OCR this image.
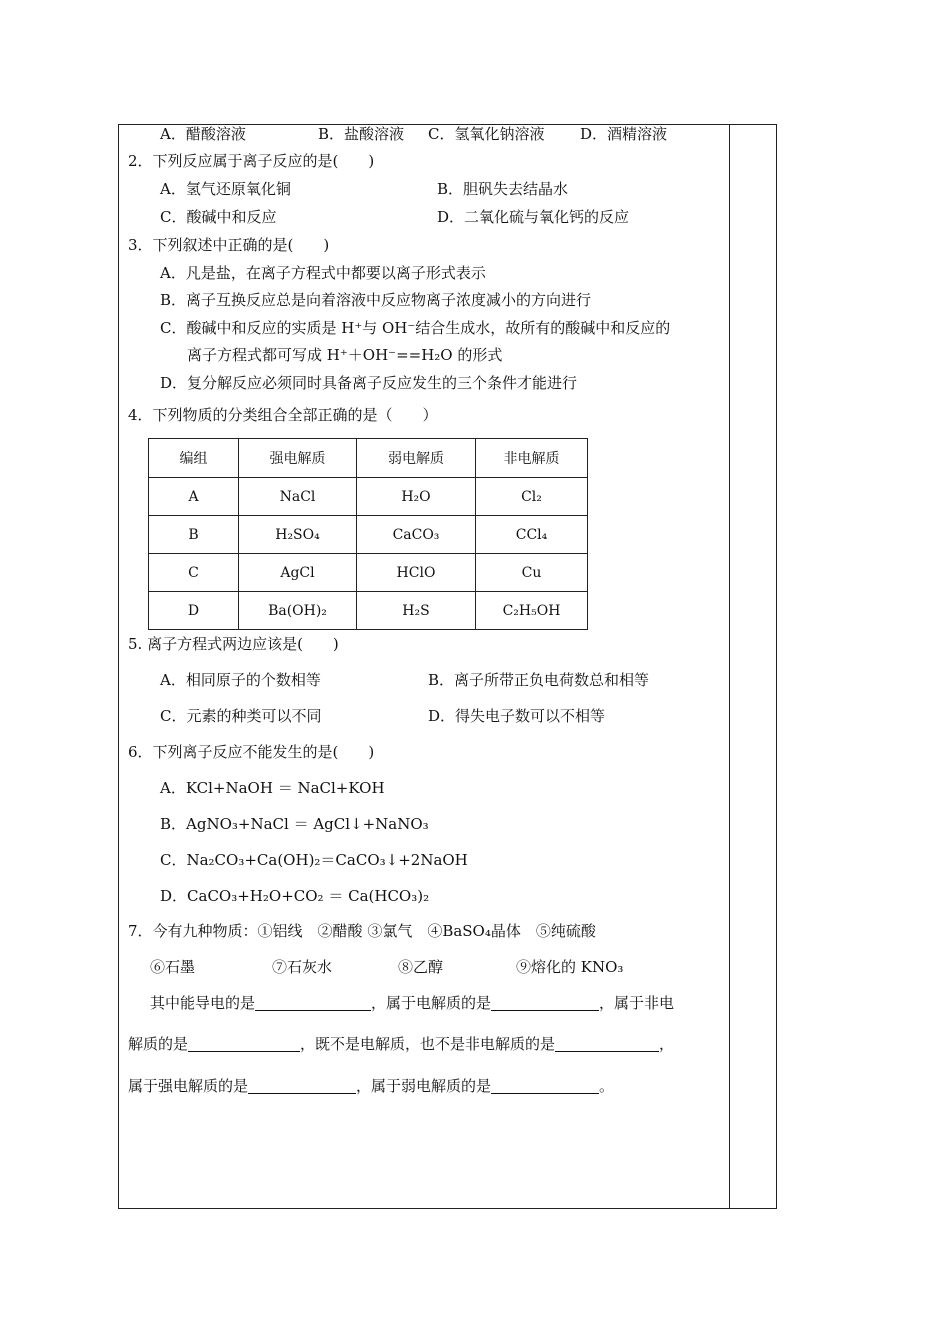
A．醋酸溶液	B．盐酸溶液 C．氢氧化钠溶液 D．酒精溶液
2．下列反应属于离子反应的是(　　)
A．氢气还原氧化铜	B．胆矾失去结晶水
C．酸碱中和反应	D．二氧化硫与氧化钙的反应
3．下列叙述中正确的是(　　)
A．凡是盐，在离子方程式中都要以离子形式表示
B．离子互换反应总是向着溶液中反应物离子浓度减小的方向进行
C．酸碱中和反应的实质是 H⁺与 OH⁻结合生成水，故所有的酸碱中和反应的
离子方程式都可写成 H⁺＋OH⁻==H₂O 的形式
D．复分解反应必须同时具备离子反应发生的三个条件才能进行
4．下列物质的分类组合全部正确的是（　　）
编组	强电解质	弱电解质	非电解质
A	NaCl	H₂O	Cl₂
B	H₂SO₄	CaCO₃	CCl₄
C	AgCl	HClO	Cu
D	Ba(OH)₂	H₂S	C₂H₅OH
5. 离子方程式两边应该是(　　)
A．相同原子的个数相等	B．离子所带正负电荷数总和相等
C．元素的种类可以不同	D．得失电子数可以不相等
6．下列离子反应不能发生的是(　　)
A．KCl+NaOH ＝ NaCl+KOH
B．AgNO₃+NaCl ＝ AgCl↓+NaNO₃
C．Na₂CO₃+Ca(OH)₂＝CaCO₃↓+2NaOH
D．CaCO₃+H₂O+CO₂ ＝ Ca(HCO₃)₂
7．今有九种物质：①铝线　②醋酸 ③氯气　④BaSO₄晶体　⑤纯硫酸
⑥石墨	⑦石灰水	⑧乙醇	⑨熔化的 KNO₃
其中能导电的是	，属于电解质的是	，属于非电
解质的是	，既不是电解质，也不是非电解质的是	，
属于强电解质的是	，属于弱电解质的是	。
